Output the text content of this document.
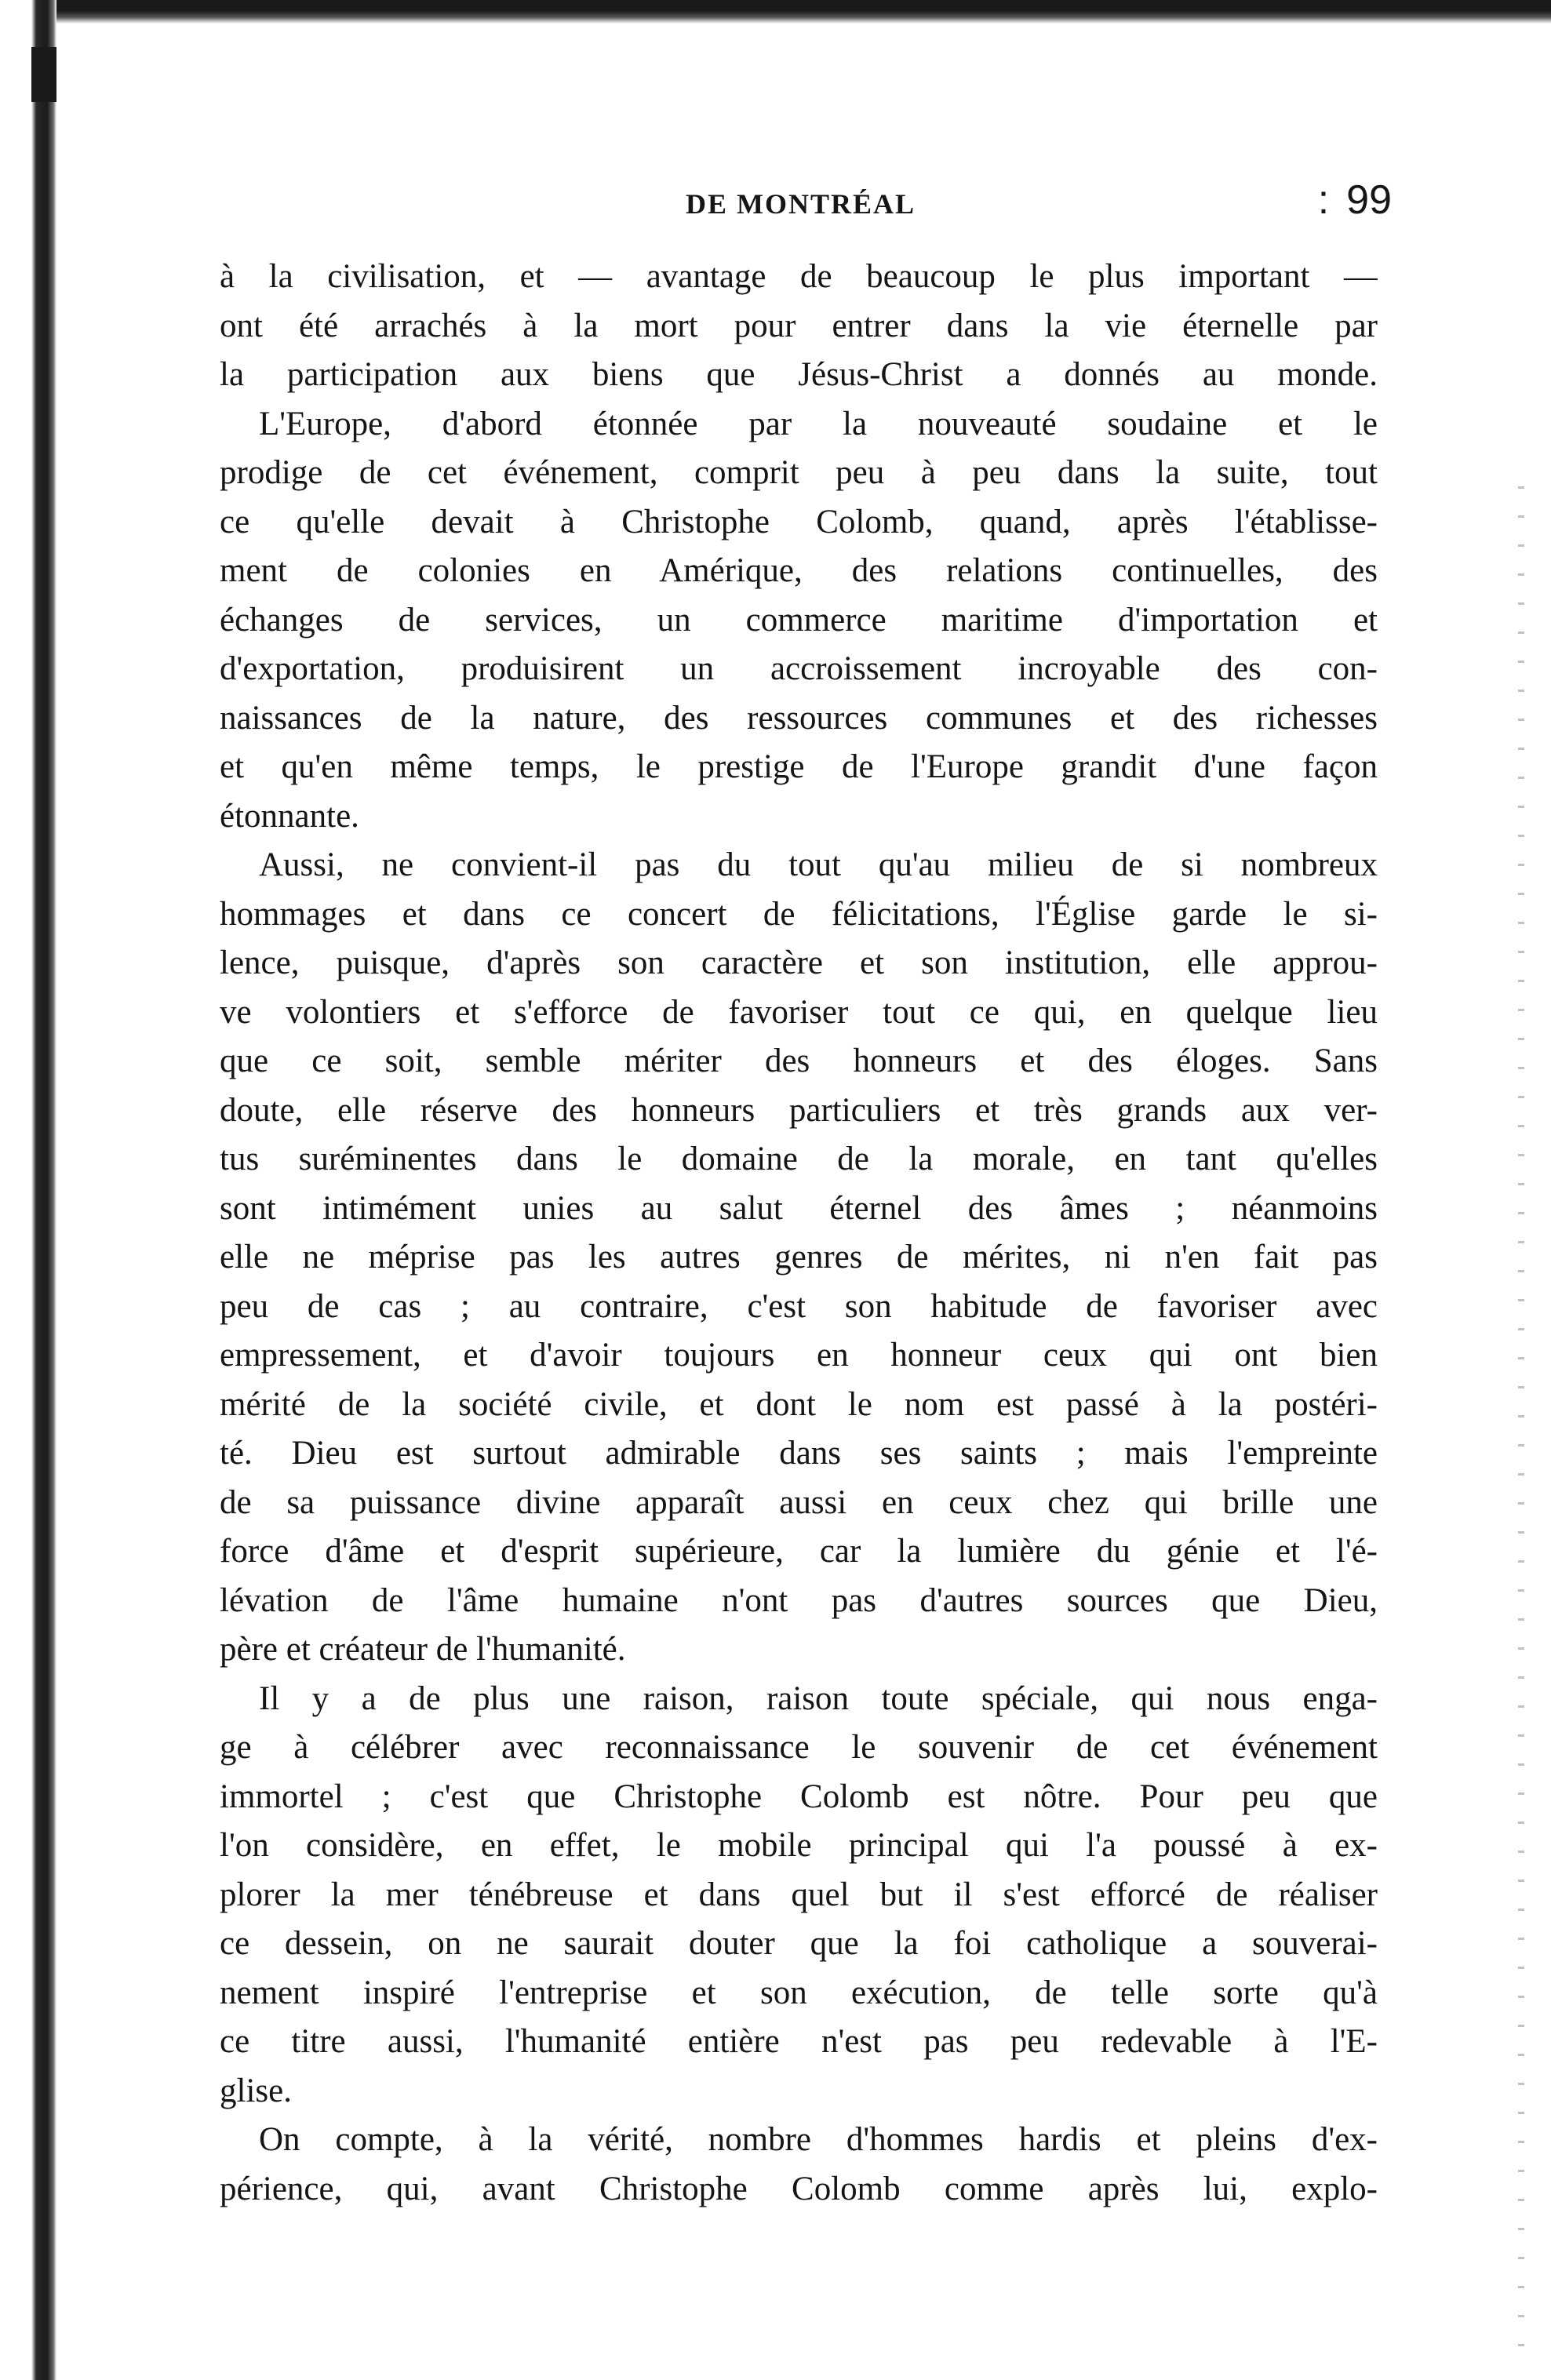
DE MONTRÉAL	: 99
à la civilisation, et — avantage de beaucoup le plus important —
ont été arrachés à la mort pour entrer dans la vie éternelle par
la participation aux biens que Jésus-Christ a donnés au monde.
L'Europe, d'abord étonnée par la nouveauté soudaine et le
prodige de cet événement, comprit peu à peu dans la suite, tout
ce qu'elle devait à Christophe Colomb, quand, après l'établisse-
ment de colonies en Amérique, des relations continuelles, des
échanges de services, un commerce maritime d'importation et
d'exportation, produisirent un accroissement incroyable des con-
naissances de la nature, des ressources communes et des richesses
et qu'en même temps, le prestige de l'Europe grandit d'une façon
étonnante.
Aussi, ne convient-il pas du tout qu'au milieu de si nombreux
hommages et dans ce concert de félicitations, l'Église garde le si-
lence, puisque, d'après son caractère et son institution, elle approu-
ve volontiers et s'efforce de favoriser tout ce qui, en quelque lieu
que ce soit, semble mériter des honneurs et des éloges. Sans
doute, elle réserve des honneurs particuliers et très grands aux ver-
tus suréminentes dans le domaine de la morale, en tant qu'elles
sont intimément unies au salut éternel des âmes ; néanmoins
elle ne méprise pas les autres genres de mérites, ni n'en fait pas
peu de cas ; au contraire, c'est son habitude de favoriser avec
empressement, et d'avoir toujours en honneur ceux qui ont bien
mérité de la société civile, et dont le nom est passé à la postéri-
té. Dieu est surtout admirable dans ses saints ; mais l'empreinte
de sa puissance divine apparaît aussi en ceux chez qui brille une
force d'âme et d'esprit supérieure, car la lumière du génie et l'é-
lévation de l'âme humaine n'ont pas d'autres sources que Dieu,
père et créateur de l'humanité.
Il y a de plus une raison, raison toute spéciale, qui nous enga-
ge à célébrer avec reconnaissance le souvenir de cet événement
immortel ; c'est que Christophe Colomb est nôtre. Pour peu que
l'on considère, en effet, le mobile principal qui l'a poussé à ex-
plorer la mer ténébreuse et dans quel but il s'est efforcé de réaliser
ce dessein, on ne saurait douter que la foi catholique a souverai-
nement inspiré l'entreprise et son exécution, de telle sorte qu'à
ce titre aussi, l'humanité entière n'est pas peu redevable à l'E-
glise.
On compte, à la vérité, nombre d'hommes hardis et pleins d'ex-
périence, qui, avant Christophe Colomb comme après lui, explo-
